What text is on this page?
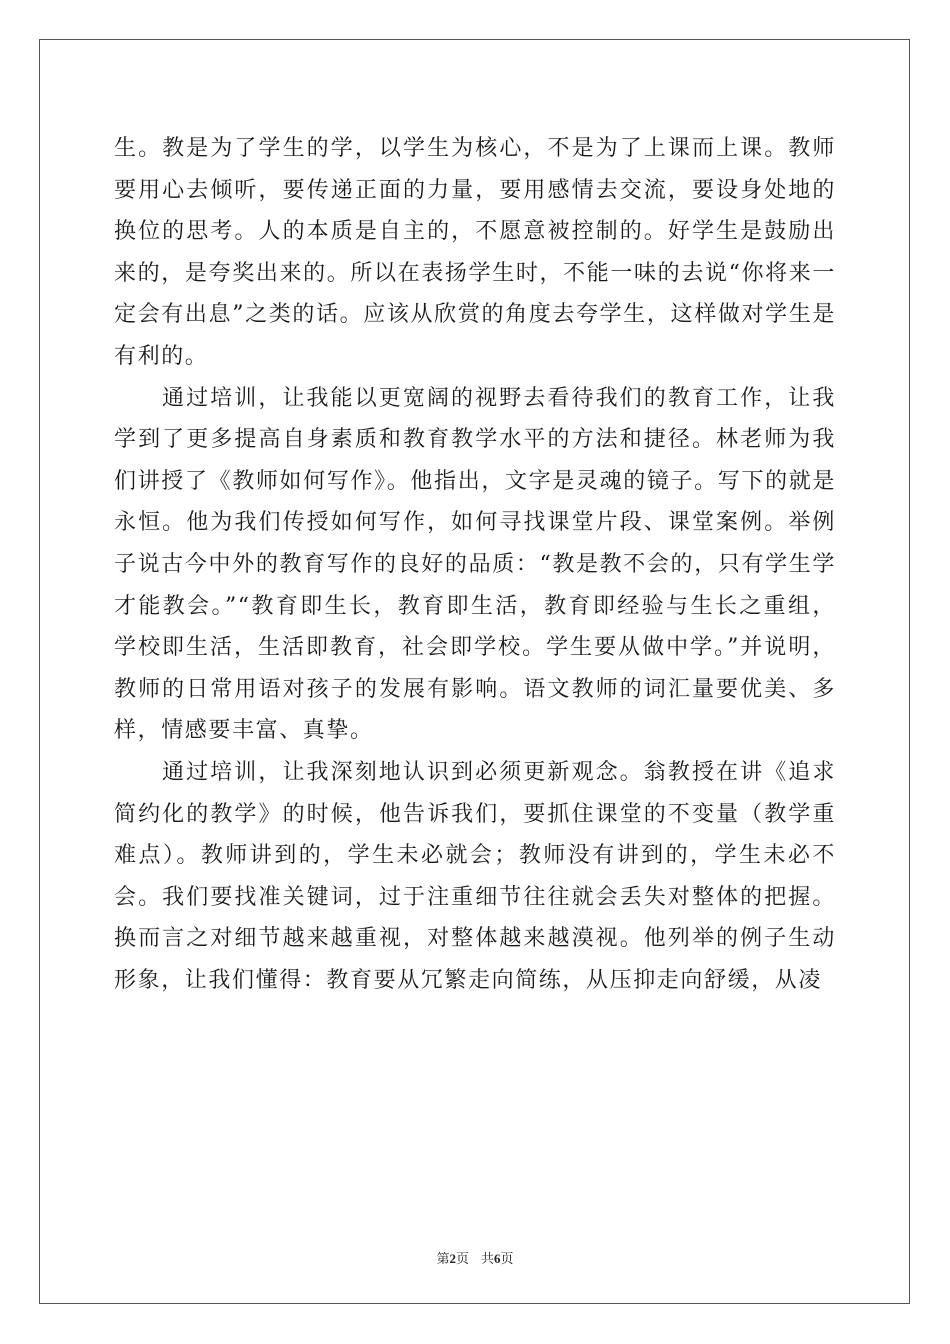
生。教是为了学生的学，以学生为核心，不是为了上课而上课。教师要用心去倾听，要传递正面的力量，要用感情去交流，要设身处地的换位的思考。人的本质是自主的，不愿意被控制的。好学生是鼓励出来的，是夸奖出来的。所以在表扬学生时，不能一味的去说“你将来一定会有出息”之类的话。应该从欣赏的角度去夸学生，这样做对学生是有利的。

通过培训，让我能以更宽阔的视野去看待我们的教育工作，让我学到了更多提高自身素质和教育教学水平的方法和捷径。林老师为我们讲授了《教师如何写作》。他指出，文字是灵魂的镜子。写下的就是永恒。他为我们传授如何写作，如何寻找课堂片段、课堂案例。举例子说古今中外的教育写作的良好的品质：“教是教不会的，只有学生学才能教会。”“教育即生长，教育即生活，教育即经验与生长之重组，学校即生活，生活即教育，社会即学校。学生要从做中学。”并说明，教师的日常用语对孩子的发展有影响。语文教师的词汇量要优美、多样，情感要丰富、真挚。

通过培训，让我深刻地认识到必须更新观念。翁教授在讲《追求简约化的教学》的时候，他告诉我们，要抓住课堂的不变量（教学重难点）。教师讲到的，学生未必就会；教师没有讲到的，学生未必不会。我们要找准关键词，过于注重细节往往就会丢失对整体的把握。换而言之对细节越来越重视，对整体越来越漠视。他列举的例子生动形象，让我们懂得：教育要从冗繁走向简练，从压抑走向舒缓，从凌

第2页 共6页
